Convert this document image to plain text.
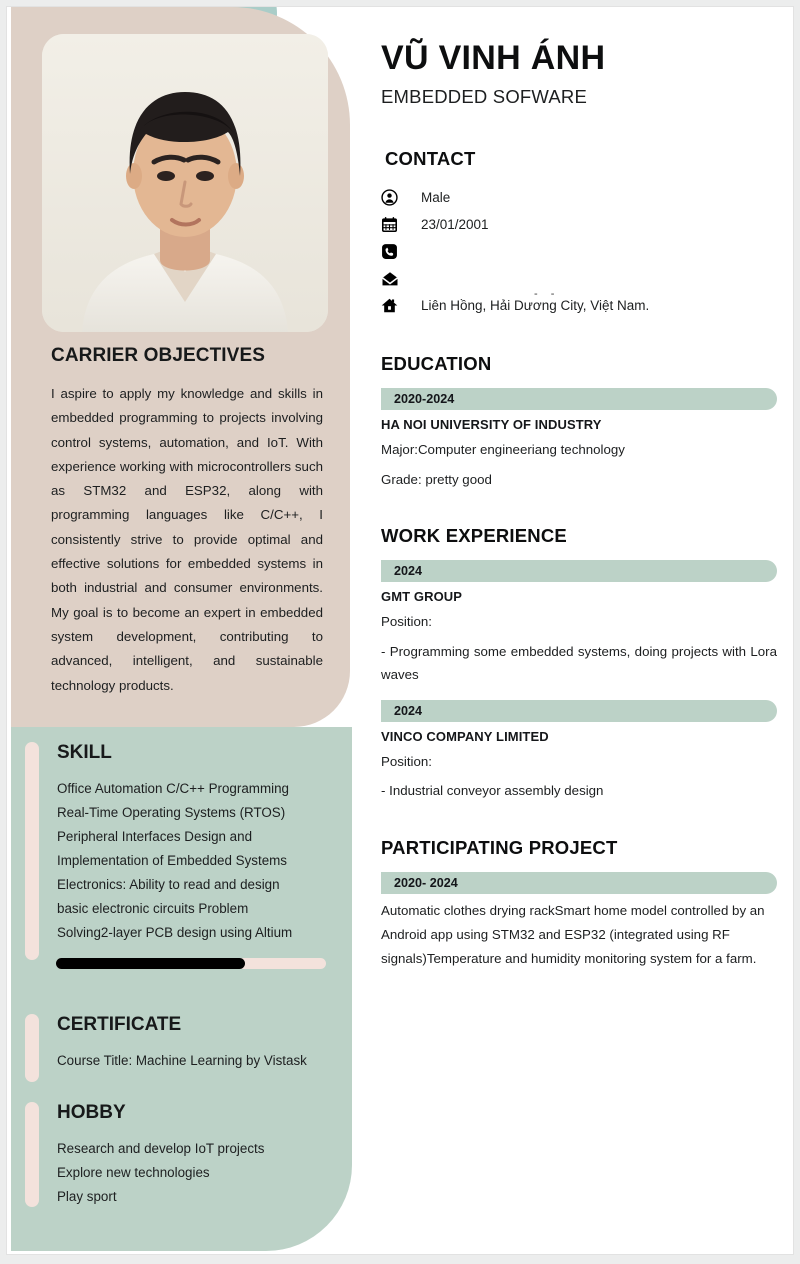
CARRIER OBJECTIVES
I aspire to apply my knowledge and skills in embedded programming to projects involving control systems, automation, and IoT. With experience working with microcontrollers such as STM32 and ESP32, along with programming languages like C/C++, I consistently strive to provide optimal and effective solutions for embedded systems in both industrial and consumer environments. My goal is to become an expert in embedded system development, contributing to advanced, intelligent, and sustainable technology products.
SKILL
Office Automation C/C++ Programming
Real-Time Operating Systems (RTOS)
Peripheral Interfaces Design and
Implementation of Embedded Systems
Electronics: Ability to read and design
basic electronic circuits Problem
Solving2-layer PCB design using Altium
CERTIFICATE
Course Title: Machine Learning by Vistask
HOBBY
Research and develop IoT projects
Explore new technologies
Play sport
VŨ VINH ÁNH
EMBEDDED SOFWARE
CONTACT
Male
23/01/2001
Liên Hồng, Hải Dương City, Việt Nam.
EDUCATION
2020-2024
HA NOI UNIVERSITY OF INDUSTRY
Major:Computer engineeriang technology
Grade: pretty good
WORK EXPERIENCE
2024
GMT GROUP
Position:
- Programming some embedded systems, doing projects with Lora waves
2024
VINCO COMPANY LIMITED
Position:
- Industrial conveyor assembly design
PARTICIPATING PROJECT
2020- 2024
Automatic clothes drying rackSmart home model controlled by an Android app using STM32 and ESP32 (integrated using RF signals)Temperature and humidity monitoring system for a farm.
- -
